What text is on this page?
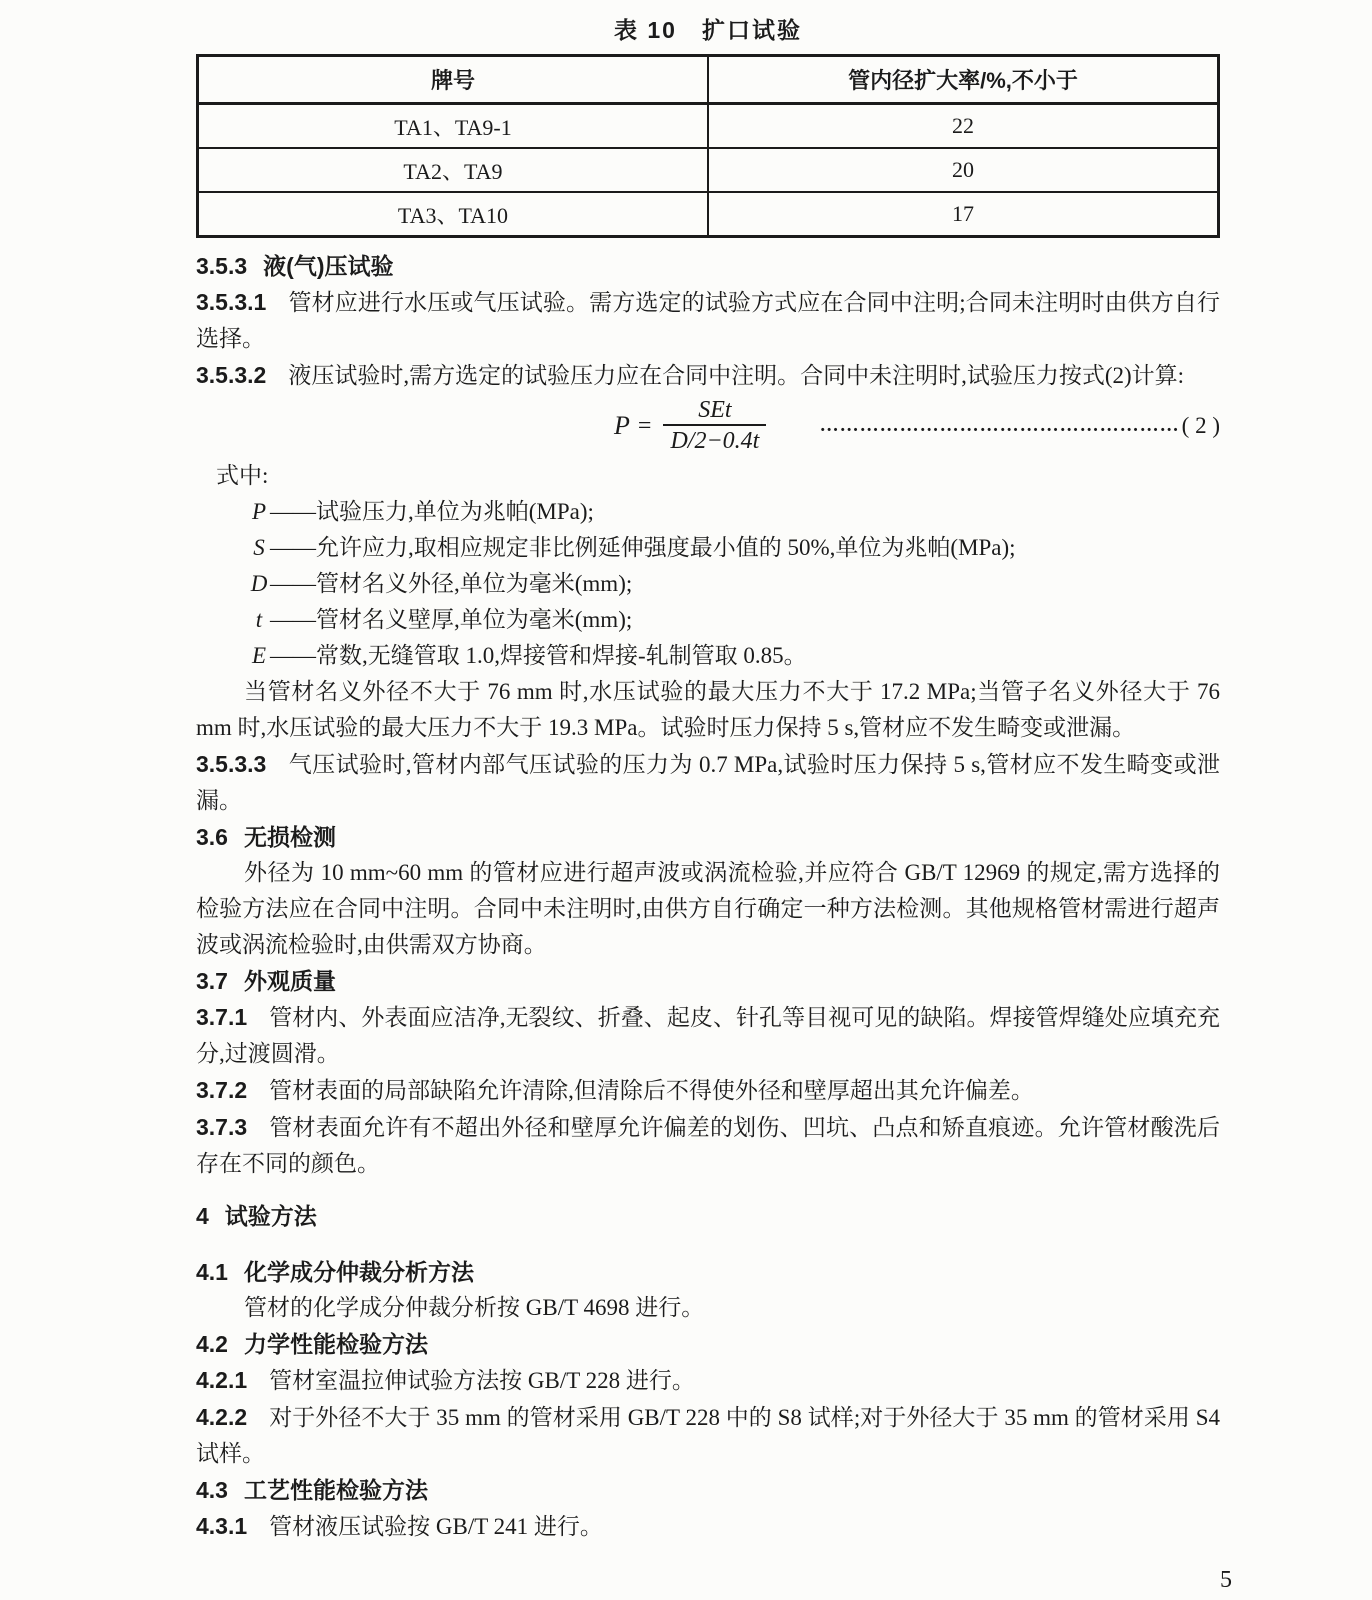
表 10　扩口试验
牌号	管内径扩大率/%,不小于
TA1、TA9-1	22
TA2、TA9	20
TA3、TA10	17

3.5.3 液(气)压试验

3.5.3.1 管材应进行水压或气压试验。需方选定的试验方式应在合同中注明;合同未注明时由供方自行选择。

3.5.3.2 液压试验时,需方选定的试验压力应在合同中注明。合同中未注明时,试验压力按式(2)计算:

$P = \frac{\text{SEt}}{D/2-0.4t}$	……………………………………………… ( 2 )

式中:

P ——试验压力,单位为兆帕(MPa);

S ——允许应力,取相应规定非比例延伸强度最小值的 50%,单位为兆帕(MPa);

D ——管材名义外径,单位为毫米(mm);

t ——管材名义壁厚,单位为毫米(mm);

E ——常数,无缝管取 1.0,焊接管和焊接-轧制管取 0.85。

当管材名义外径不大于 76 mm 时,水压试验的最大压力不大于 17.2 MPa;当管子名义外径大于 76 mm 时,水压试验的最大压力不大于 19.3 MPa。试验时压力保持 5 s,管材应不发生畸变或泄漏。

3.5.3.3 气压试验时,管材内部气压试验的压力为 0.7 MPa,试验时压力保持 5 s,管材应不发生畸变或泄漏。

3.6 无损检测

外径为 10 mm~60 mm 的管材应进行超声波或涡流检验,并应符合 GB/T 12969 的规定,需方选择的检验方法应在合同中注明。合同中未注明时,由供方自行确定一种方法检测。其他规格管材需进行超声波或涡流检验时,由供需双方协商。

3.7 外观质量

3.7.1 管材内、外表面应洁净,无裂纹、折叠、起皮、针孔等目视可见的缺陷。焊接管焊缝处应填充充分,过渡圆滑。

3.7.2 管材表面的局部缺陷允许清除,但清除后不得使外径和壁厚超出其允许偏差。

3.7.3 管材表面允许有不超出外径和壁厚允许偏差的划伤、凹坑、凸点和矫直痕迹。允许管材酸洗后存在不同的颜色。

4 试验方法

4.1 化学成分仲裁分析方法

管材的化学成分仲裁分析按 GB/T 4698 进行。

4.2 力学性能检验方法

4.2.1 管材室温拉伸试验方法按 GB/T 228 进行。

4.2.2 对于外径不大于 35 mm 的管材采用 GB/T 228 中的 S8 试样;对于外径大于 35 mm 的管材采用 S4 试样。

4.3 工艺性能检验方法

4.3.1 管材液压试验按 GB/T 241 进行。

5
